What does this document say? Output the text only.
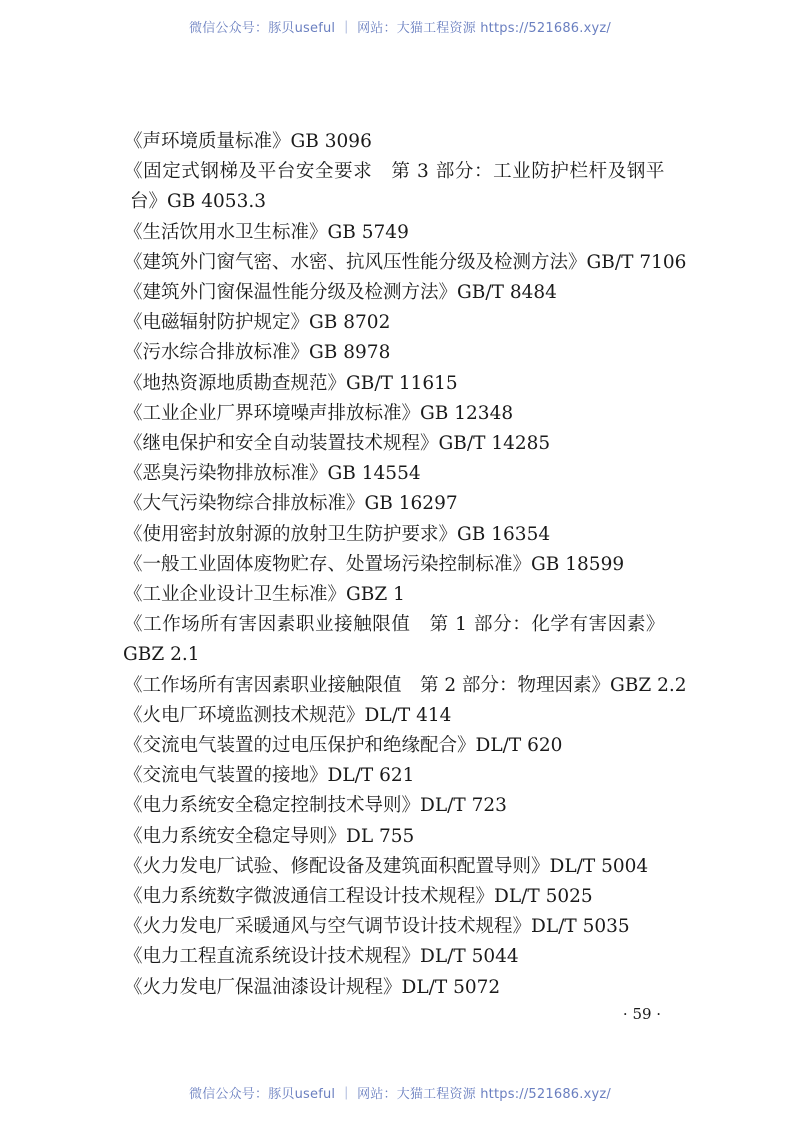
微信公众号：豚贝useful ｜ 网站：大猫工程资源 https://521686.xyz/
《声环境质量标准》GB 3096
《固定式钢梯及平台安全要求　第 3 部分：工业防护栏杆及钢平
台》GB 4053.3
《生活饮用水卫生标准》GB 5749
《建筑外门窗气密、水密、抗风压性能分级及检测方法》GB/T 7106
《建筑外门窗保温性能分级及检测方法》GB/T 8484
《电磁辐射防护规定》GB 8702
《污水综合排放标准》GB 8978
《地热资源地质勘查规范》GB/T 11615
《工业企业厂界环境噪声排放标准》GB 12348
《继电保护和安全自动装置技术规程》GB/T 14285
《恶臭污染物排放标准》GB 14554
《大气污染物综合排放标准》GB 16297
《使用密封放射源的放射卫生防护要求》GB 16354
《一般工业固体废物贮存、处置场污染控制标准》GB 18599
《工业企业设计卫生标准》GBZ 1
《工作场所有害因素职业接触限值　第 1 部分：化学有害因素》
GBZ 2.1
《工作场所有害因素职业接触限值　第 2 部分：物理因素》GBZ 2.2
《火电厂环境监测技术规范》DL/T 414
《交流电气装置的过电压保护和绝缘配合》DL/T 620
《交流电气装置的接地》DL/T 621
《电力系统安全稳定控制技术导则》DL/T 723
《电力系统安全稳定导则》DL 755
《火力发电厂试验、修配设备及建筑面积配置导则》DL/T 5004
《电力系统数字微波通信工程设计技术规程》DL/T 5025
《火力发电厂采暖通风与空气调节设计技术规程》DL/T 5035
《电力工程直流系统设计技术规程》DL/T 5044
《火力发电厂保温油漆设计规程》DL/T 5072
· 59 ·
微信公众号：豚贝useful ｜ 网站：大猫工程资源 https://521686.xyz/
